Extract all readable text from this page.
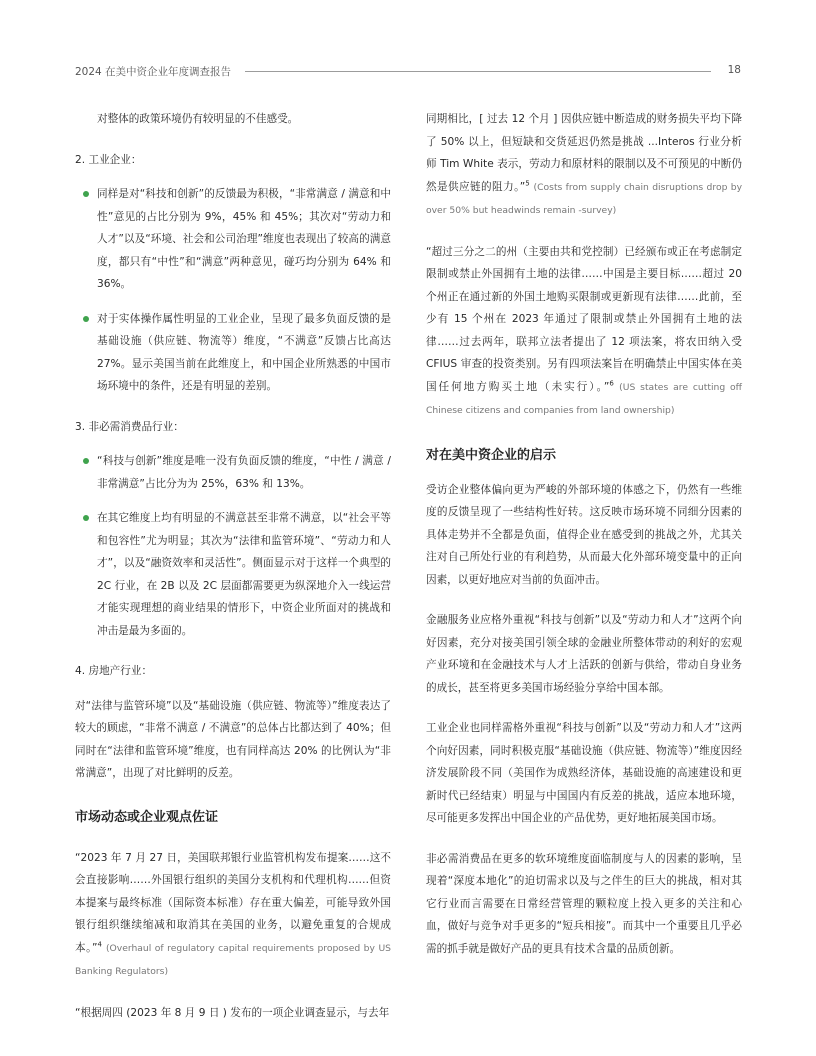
2024 在美中资企业年度调查报告	18

对整体的政策环境仍有较明显的不佳感受。

2. 工业企业：
同样是对“科技和创新”的反馈最为积极，“非常满意 / 满意和中性”意见的占比分别为 9%，45% 和 45%；其次对“劳动力和人才”以及“环境、社会和公司治理”维度也表现出了较高的满意度，都只有“中性”和“满意”两种意见，碰巧均分别为 64% 和 36%。
对于实体操作属性明显的工业企业，呈现了最多负面反馈的是基础设施（供应链、物流等）维度，“不满意”反馈占比高达 27%。显示美国当前在此维度上，和中国企业所熟悉的中国市场环境中的条件，还是有明显的差别。
3. 非必需消费品行业：
“科技与创新”维度是唯一没有负面反馈的维度，“中性 / 满意 / 非常满意”占比分为为 25%，63% 和 13%。
在其它维度上均有明显的不满意甚至非常不满意，以“社会平等和包容性”尤为明显；其次为“法律和监管环境”、“劳动力和人才”，以及“融资效率和灵活性”。侧面显示对于这样一个典型的 2C 行业，在 2B 以及 2C 层面都需要更为纵深地介入一线运营才能实现理想的商业结果的情形下，中资企业所面对的挑战和冲击是最为多面的。
4. 房地产行业：

对“法律与监管环境”以及“基础设施（供应链、物流等）”维度表达了较大的顾虑，“非常不满意 / 不满意”的总体占比都达到了 40%；但同时在“法律和监管环境”维度，也有同样高达 20% 的比例认为“非常满意”，出现了对比鲜明的反差。

市场动态或企业观点佐证

“2023 年 7 月 27 日，美国联邦银行业监管机构发布提案……这不会直接影响……外国银行组织的美国分支机构和代理机构……但资本提案与最终标准（国际资本标准）存在重大偏差，可能导致外国银行组织继续缩减和取消其在美国的业务，以避免重复的合规成本。”$^4$ (Overhaul of regulatory capital requirements proposed by US Banking Regulators)

“根据周四 (2023 年 8 月 9 日 ) 发布的一项企业调查显示，与去年

同期相比，[ 过去 12 个月 ] 因供应链中断造成的财务损失平均下降了 50% 以上，但短缺和交货延迟仍然是挑战 ...Interos 行业分析师 Tim White 表示，劳动力和原材料的限制以及不可预见的中断仍然是供应链的阻力。”$^5$ (Costs from supply chain disruptions drop by over 50% but headwinds remain -survey)

“超过三分之二的州（主要由共和党控制）已经颁布或正在考虑制定限制或禁止外国拥有土地的法律……中国是主要目标……超过 20 个州正在通过新的外国土地购买限制或更新现有法律……此前，至少有 15 个州在 2023 年通过了限制或禁止外国拥有土地的法律……过去两年，联邦立法者提出了 12 项法案，将农田纳入受 CFIUS 审查的投资类别。另有四项法案旨在明确禁止中国实体在美国任何地方购买土地（未实行）。”$^6$ (US states are cutting off Chinese citizens and companies from land ownership)

对在美中资企业的启示

受访企业整体偏向更为严峻的外部环境的体感之下，仍然有一些维度的反馈呈现了一些结构性好转。这反映市场环境不同细分因素的具体走势并不全都是负面，值得企业在感受到的挑战之外，尤其关注对自己所处行业的有利趋势，从而最大化外部环境变量中的正向因素，以更好地应对当前的负面冲击。

金融服务业应格外重视“科技与创新”以及“劳动力和人才”这两个向好因素，充分对接美国引领全球的金融业所整体带动的利好的宏观产业环境和在金融技术与人才上活跃的创新与供给，带动自身业务的成长，甚至将更多美国市场经验分享给中国本部。

工业企业也同样需格外重视“科技与创新”以及“劳动力和人才”这两个向好因素，同时积极克服“基础设施（供应链、物流等）”维度因经济发展阶段不同（美国作为成熟经济体，基础设施的高速建设和更新时代已经结束）明显与中国国内有反差的挑战，适应本地环境，尽可能更多发挥出中国企业的产品优势，更好地拓展美国市场。

非必需消费品在更多的软环境维度面临制度与人的因素的影响，呈现着“深度本地化”的迫切需求以及与之伴生的巨大的挑战，相对其它行业而言需要在日常经营管理的颗粒度上投入更多的关注和心血，做好与竞争对手更多的“短兵相接”。而其中一个重要且几乎必需的抓手就是做好产品的更具有技术含量的品质创新。
